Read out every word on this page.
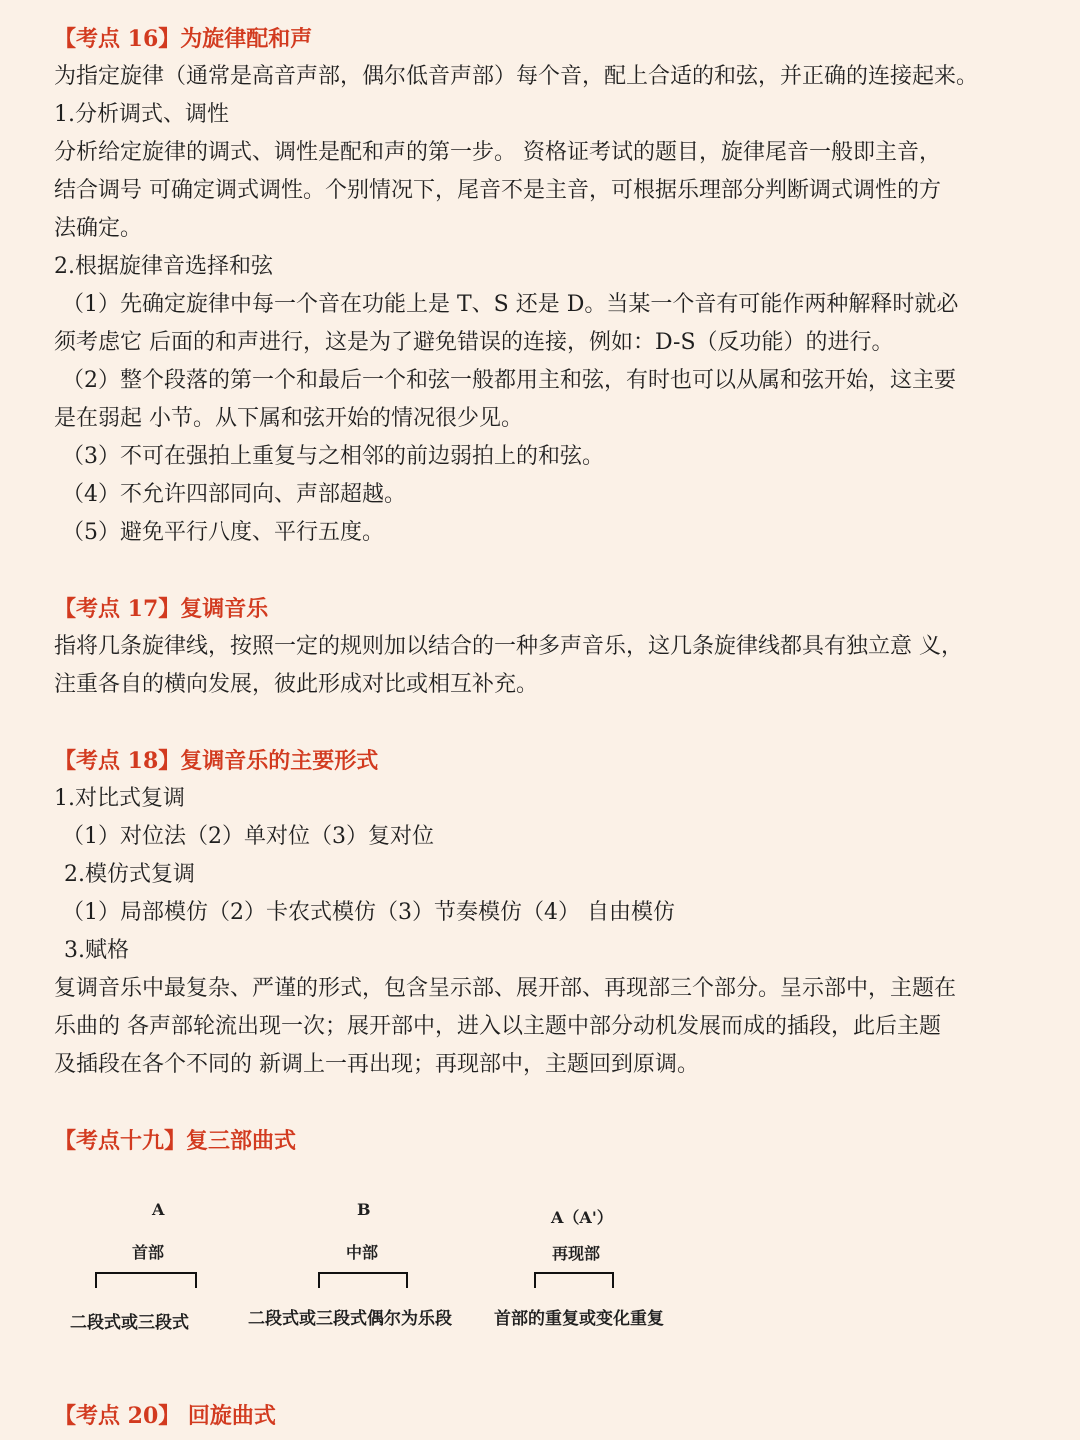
【考点 16】为旋律配和声

为指定旋律（通常是高音声部，偶尔低音声部）每个音，配上合适的和弦，并正确的连接起来。

1.分析调式、调性

分析给定旋律的调式、调性是配和声的第一步。 资格证考试的题目，旋律尾音一般即主音，

结合调号 可确定调式调性。个别情况下，尾音不是主音，可根据乐理部分判断调式调性的方

法确定。

2.根据旋律音选择和弦

（1）先确定旋律中每一个音在功能上是 T、S 还是 D。当某一个音有可能作两种解释时就必

须考虑它 后面的和声进行，这是为了避免错误的连接，例如：D-S（反功能）的进行。

（2）整个段落的第一个和最后一个和弦一般都用主和弦，有时也可以从属和弦开始，这主要

是在弱起 小节。从下属和弦开始的情况很少见。

（3）不可在强拍上重复与之相邻的前边弱拍上的和弦。

（4）不允许四部同向、声部超越。

（5）避免平行八度、平行五度。

【考点 17】复调音乐

指将几条旋律线，按照一定的规则加以结合的一种多声音乐，这几条旋律线都具有独立意 义，

注重各自的横向发展，彼此形成对比或相互补充。

【考点 18】复调音乐的主要形式

1.对比式复调

（1）对位法（2）单对位（3）复对位

2.模仿式复调

（1）局部模仿（2）卡农式模仿（3）节奏模仿（4） 自由模仿

3.赋格

复调音乐中最复杂、严谨的形式，包含呈示部、展开部、再现部三个部分。呈示部中，主题在

乐曲的 各声部轮流出现一次；展开部中，进入以主题中部分动机发展而成的插段，此后主题

及插段在各个不同的 新调上一再出现；再现部中，主题回到原调。

【考点十九】复三部曲式

A
首部
二段式或三段式
B
中部
二段式或三段式偶尔为乐段
A（A'）
再现部
首部的重复或变化重复

【考点 20】 回旋曲式
